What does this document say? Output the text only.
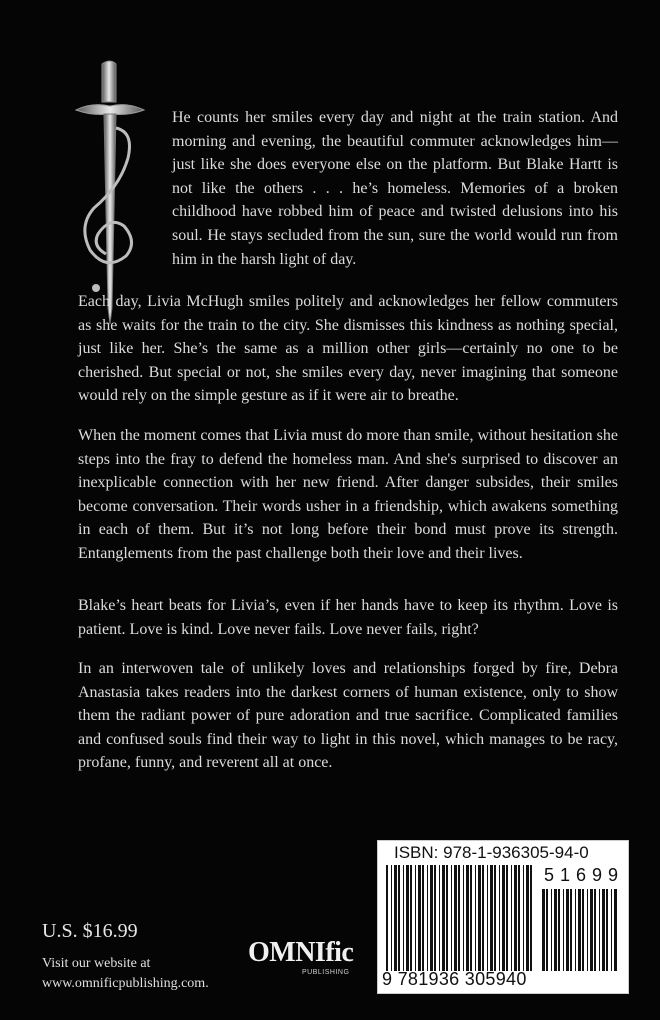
He counts her smiles every day and night at the train station. And morning and evening, the beautiful commuter acknowledges him—just like she does everyone else on the platform. But Blake Hartt is not like the others . . . he’s homeless. Memories of a broken childhood have robbed him of peace and twisted delusions into his soul. He stays secluded from the sun, sure the world would run from him in the harsh light of day.

Each day, Livia McHugh smiles politely and acknowledges her fellow commuters as she waits for the train to the city. She dismisses this kindness as nothing special, just like her. She’s the same as a million other girls—certainly no one to be cherished. But special or not, she smiles every day, never imagining that someone would rely on the simple gesture as if it were air to breathe.

When the moment comes that Livia must do more than smile, without hesitation she steps into the fray to defend the homeless man. And she's surprised to discover an inexplicable connection with her new friend. After danger subsides, their smiles become conversation. Their words usher in a friendship, which awakens something in each of them. But it’s not long before their bond must prove its strength. Entanglements from the past challenge both their love and their lives.

Blake’s heart beats for Livia’s, even if her hands have to keep its rhythm. Love is patient. Love is kind. Love never fails. Love never fails, right?

In an interwoven tale of unlikely loves and relationships forged by fire, Debra Anastasia takes readers into the darkest corners of human existence, only to show them the radiant power of pure adoration and true sacrifice. Complicated families and confused souls find their way to light in this novel, which manages to be racy, profane, funny, and reverent all at once.

U.S. $16.99
Visit our website at
www.omnificpublishing.com.
OMNIfic
PUBLISHING
ISBN: 978-1-936305-94-0
51699
9 781936 305940
